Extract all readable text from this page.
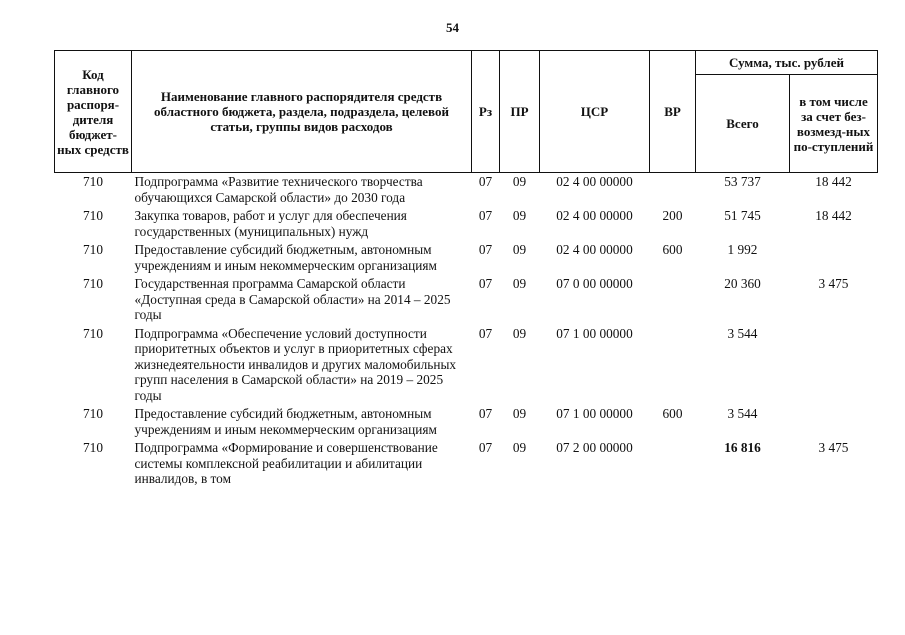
54
Код главного распоря-дителя бюджет-ных средств	Наименование главного распорядителя средств областного бюджета, раздела, подраздела, целевой статьи, группы видов расходов	Рз	ПР	ЦСР	ВР	Сумма, тыс. рублей	
						Всего	в том числе за счет без-возмезд-ных по-ступлений
710	Подпрограмма «Развитие технического творчества обучающихся Самарской области» до 2030 года	07	09	02 4 00 00000		53 737	18 442
710	Закупка товаров, работ и услуг для обеспечения государственных (муниципальных) нужд	07	09	02 4 00 00000	200	51 745	18 442
710	Предоставление субсидий бюджетным, автономным учреждениям и иным некоммерческим организациям	07	09	02 4 00 00000	600	1 992	
710	Государственная программа Самарской области «Доступная среда в Самарской области» на 2014 – 2025 годы	07	09	07 0 00 00000		20 360	3 475
710	Подпрограмма «Обеспечение условий доступности приоритетных объектов и услуг в приоритетных сферах жизнедеятельности инвалидов и других маломобильных групп населения в Самарской области» на 2019 – 2025 годы	07	09	07 1 00 00000		3 544	
710	Предоставление субсидий бюджетным, автономным учреждениям и иным некоммерческим организациям	07	09	07 1 00 00000	600	3 544	
710	Подпрограмма «Формирование и совершенствование системы комплексной реабилитации и абилитации инвалидов, в том	07	09	07 2 00 00000		16 816	3 475
